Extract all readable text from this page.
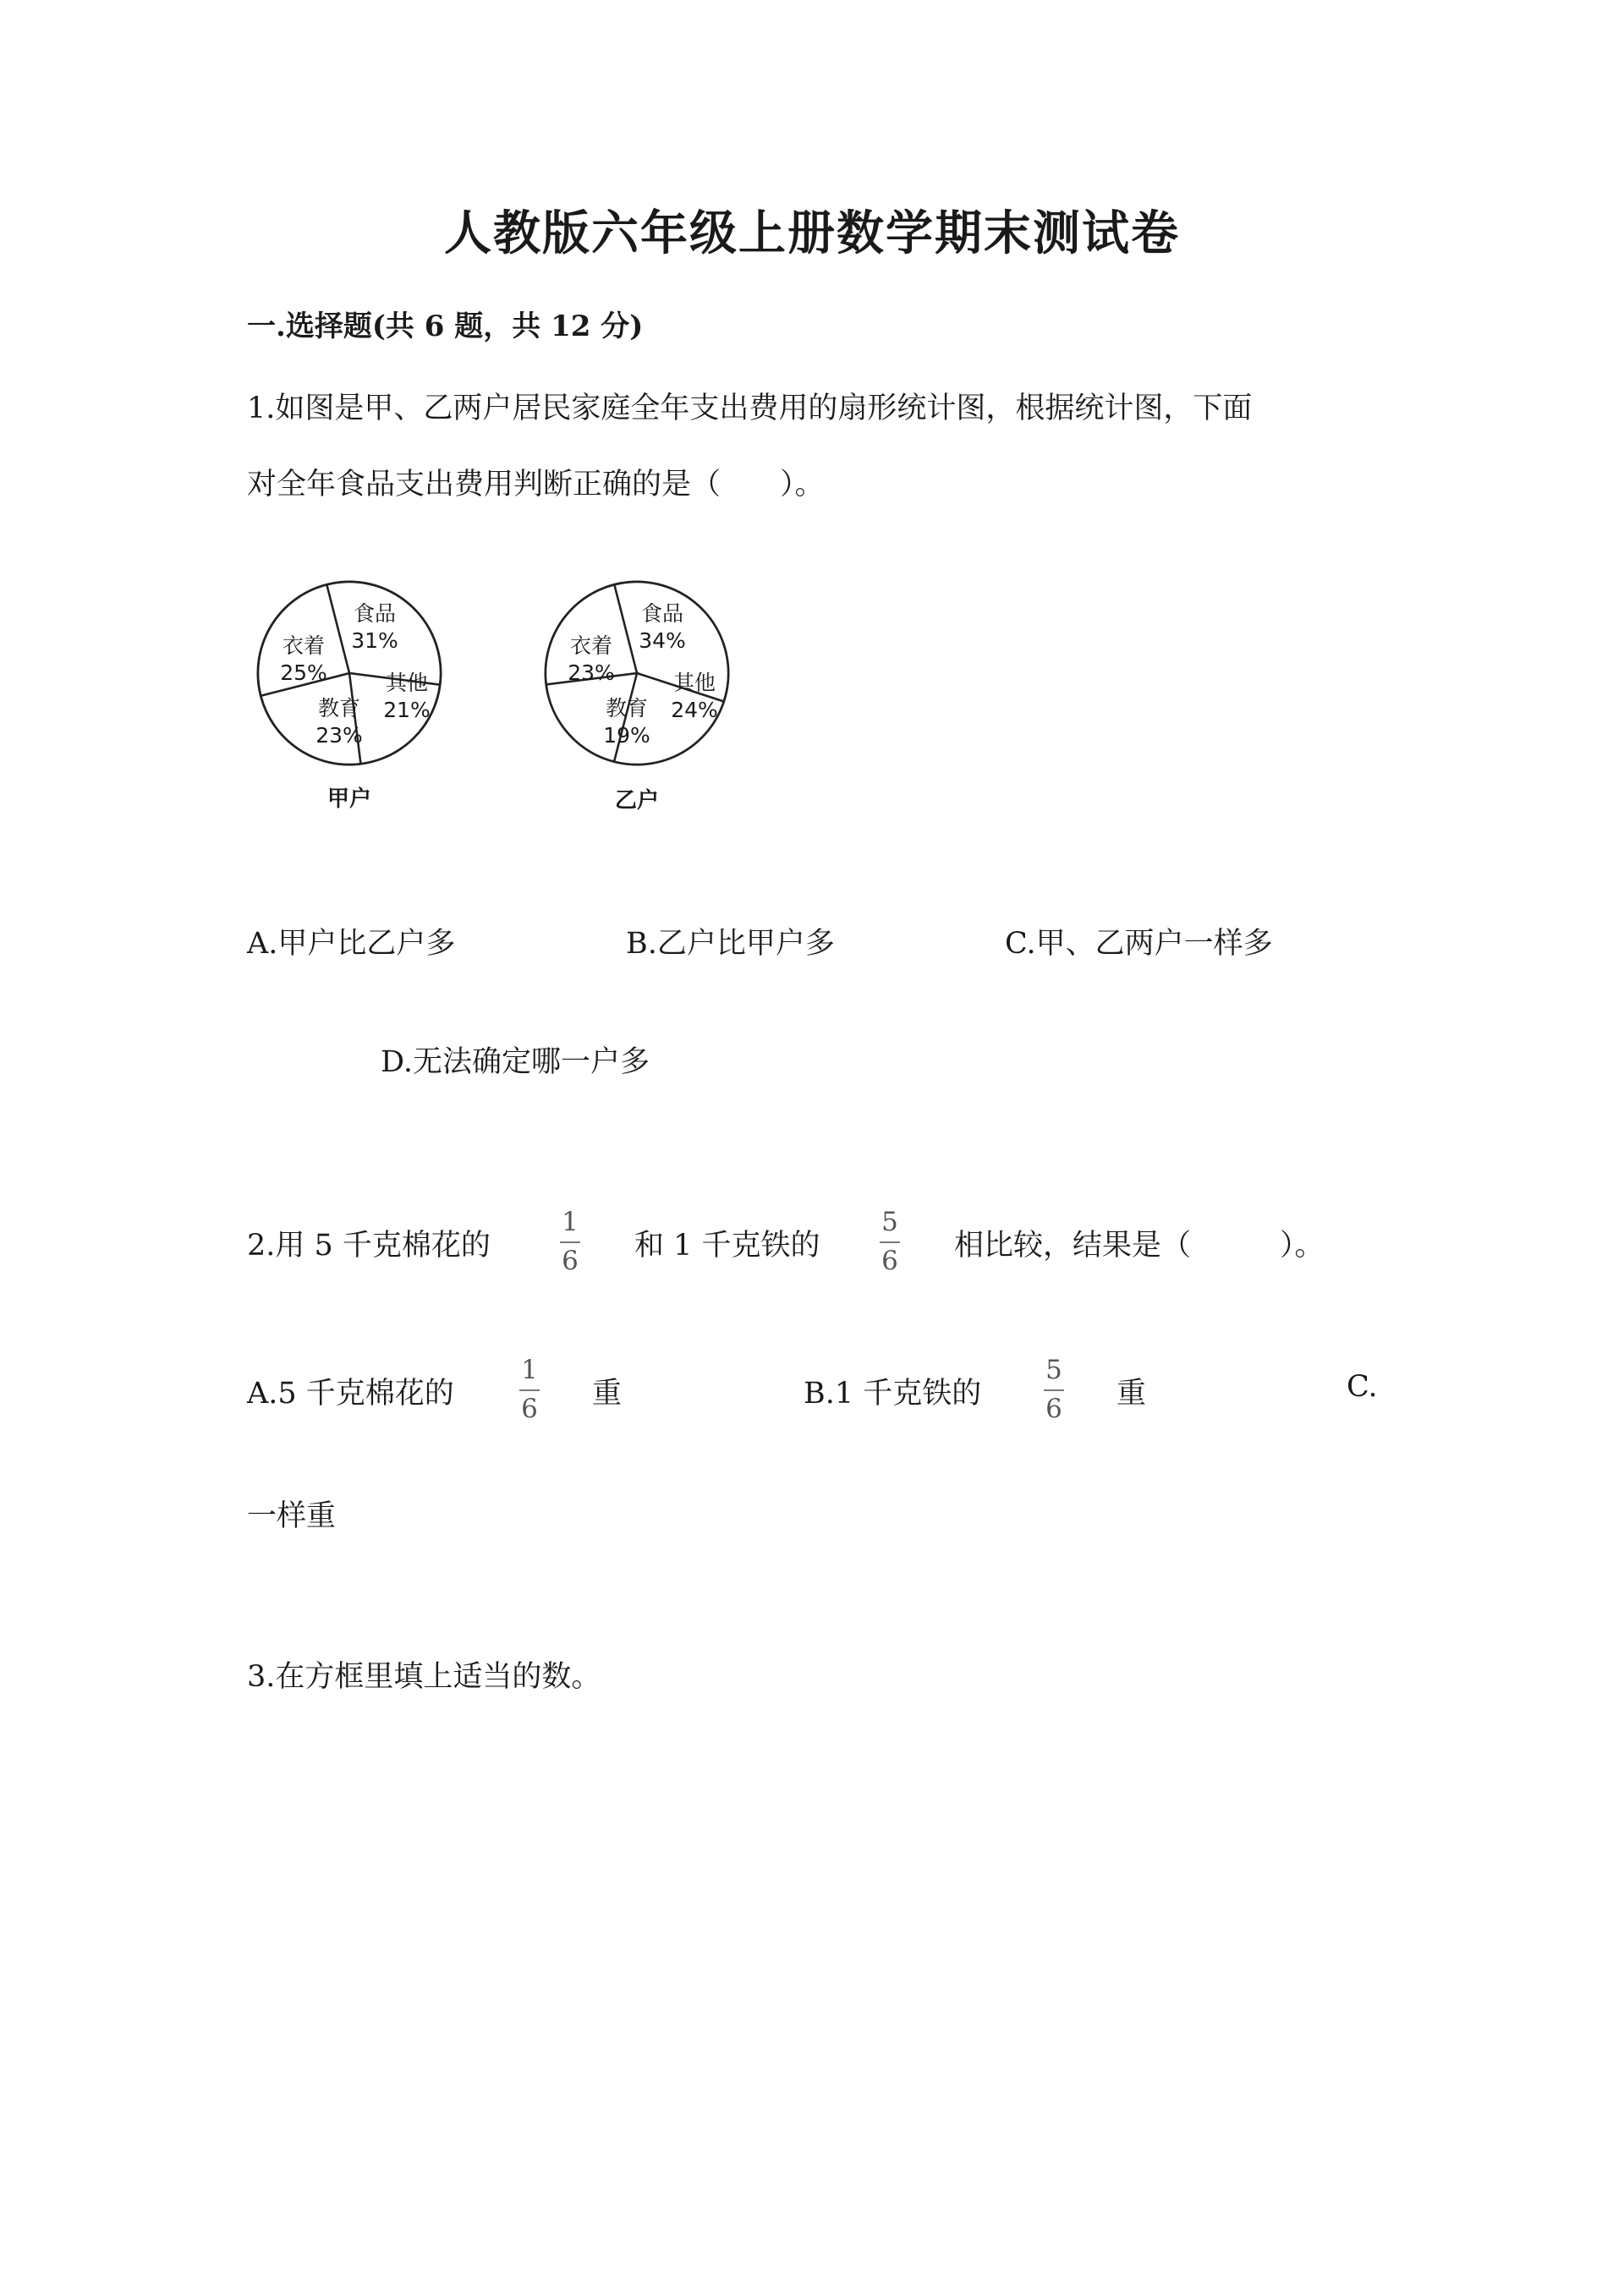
人教版六年级上册数学期末测试卷
一.选择题(共 6 题，共 12 分)
1.如图是甲、乙两户居民家庭全年支出费用的扇形统计图，根据统计图，下面
对全年食品支出费用判断正确的是（　　）。
食品
31%
其他
21%
教育
23%
衣着
25%
甲户
食品
34%
其他
24%
教育
19%
衣着
23%
乙户
A.甲户比乙户多	B.乙户比甲户多	C.甲、乙两户一样多
D.无法确定哪一户多
2.用 5 千克棉花的
1
6 和 1 千克铁的
5
6 相比较，结果是（　　　）。
A.5 千克棉花的
1
6 重	B.1 千克铁的
5
6 重	C.
一样重
3.在方框里填上适当的数。
